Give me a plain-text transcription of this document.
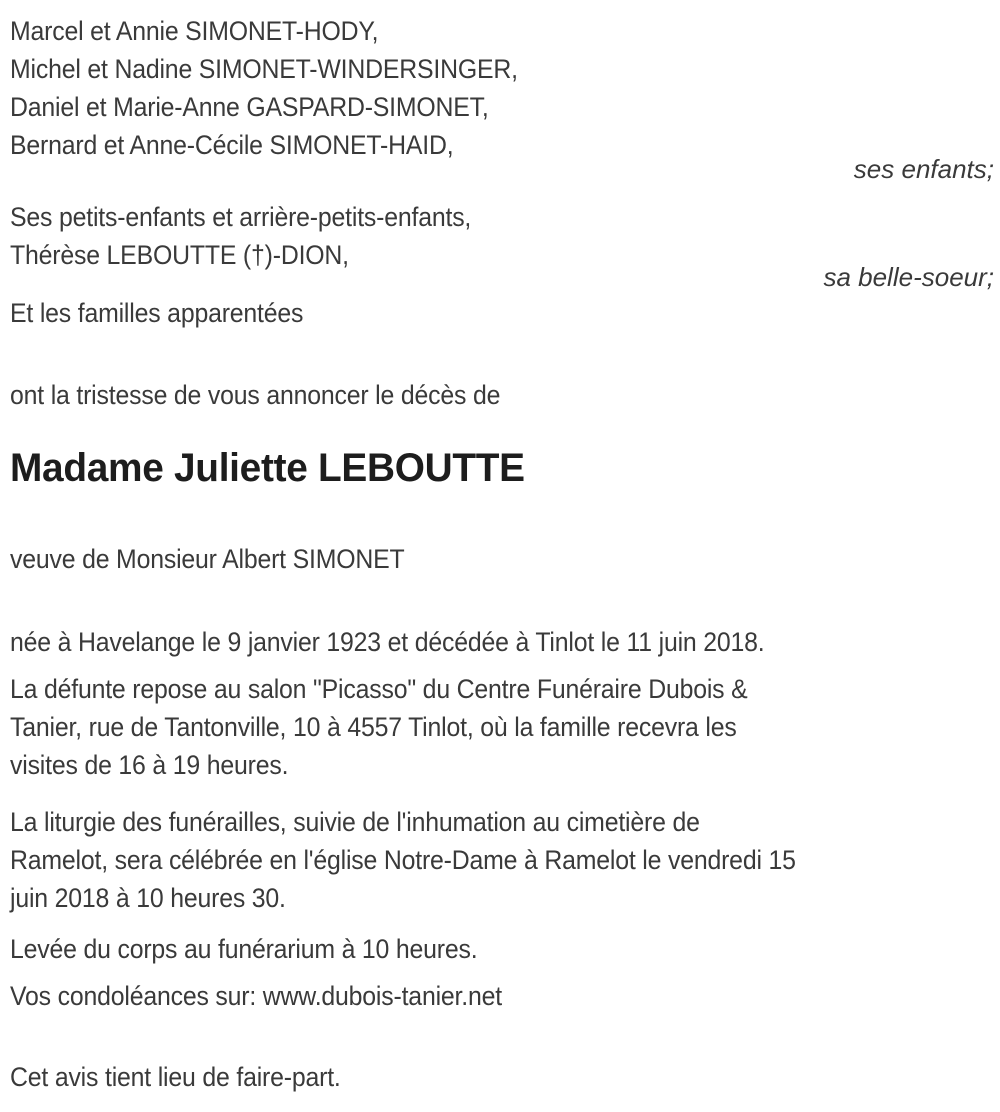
Marcel et Annie SIMONET-HODY,
Michel et Nadine SIMONET-WINDERSINGER,
Daniel et Marie-Anne GASPARD-SIMONET,
Bernard et Anne-Cécile SIMONET-HAID,
ses enfants;
Ses petits-enfants et arrière-petits-enfants,
Thérèse LEBOUTTE (†)-DION,
sa belle-soeur;
Et les familles apparentées
ont la tristesse de vous annoncer le décès de
Madame Juliette LEBOUTTE
veuve de Monsieur Albert SIMONET
née à Havelange le 9 janvier 1923 et décédée à Tinlot le 11 juin 2018.
La défunte repose au salon "Picasso" du Centre Funéraire Dubois &
Tanier, rue de Tantonville, 10 à 4557 Tinlot, où la famille recevra les
visites de 16 à 19 heures.
La liturgie des funérailles, suivie de l'inhumation au cimetière de
Ramelot, sera célébrée en l'église Notre-Dame à Ramelot le vendredi 15
juin 2018 à 10 heures 30.
Levée du corps au funérarium à 10 heures.
Vos condoléances sur: www.dubois-tanier.net
Cet avis tient lieu de faire-part.
